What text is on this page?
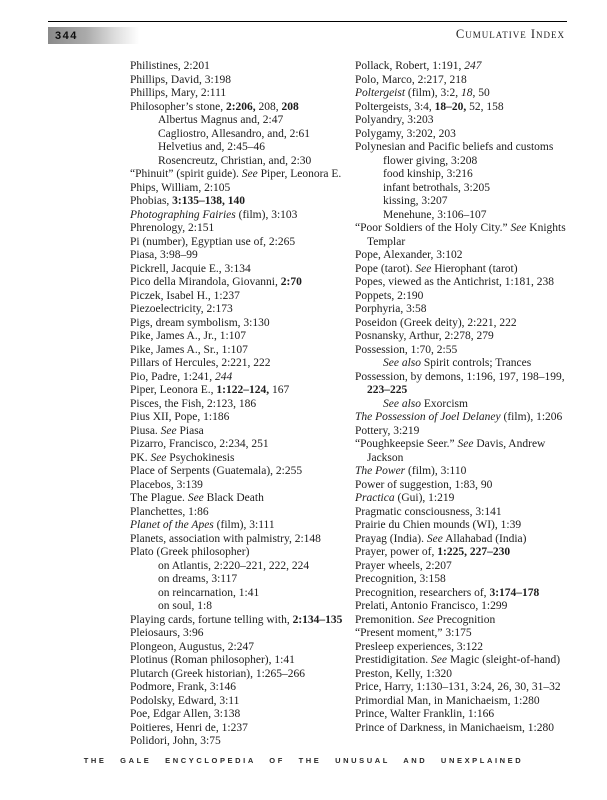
344	Cumulative Index
Philistines, 2:201
Phillips, David, 3:198
Phillips, Mary, 2:111
Philosopher’s stone, 2:206, 208, 208
Albertus Magnus and, 2:47
Cagliostro, Allesandro, and, 2:61
Helvetius and, 2:45–46
Rosencreutz, Christian, and, 2:30
“Phinuit” (spirit guide). See Piper, Leonora E.
Phips, William, 2:105
Phobias, 3:135–138, 140
Photographing Fairies (film), 3:103
Phrenology, 2:151
Pi (number), Egyptian use of, 2:265
Piasa, 3:98–99
Pickrell, Jacquie E., 3:134
Pico della Mirandola, Giovanni, 2:70
Piczek, Isabel H., 1:237
Piezoelectricity, 2:173
Pigs, dream symbolism, 3:130
Pike, James A., Jr., 1:107
Pike, James A., Sr., 1:107
Pillars of Hercules, 2:221, 222
Pio, Padre, 1:241, 244
Piper, Leonora E., 1:122–124, 167
Pisces, the Fish, 2:123, 186
Pius XII, Pope, 1:186
Piusa. See Piasa
Pizarro, Francisco, 2:234, 251
PK. See Psychokinesis
Place of Serpents (Guatemala), 2:255
Placebos, 3:139
The Plague. See Black Death
Planchettes, 1:86
Planet of the Apes (film), 3:111
Planets, association with palmistry, 2:148
Plato (Greek philosopher)
on Atlantis, 2:220–221, 222, 224
on dreams, 3:117
on reincarnation, 1:41
on soul, 1:8
Playing cards, fortune telling with, 2:134–135
Pleiosaurs, 3:96
Plongeon, Augustus, 2:247
Plotinus (Roman philosopher), 1:41
Plutarch (Greek historian), 1:265–266
Podmore, Frank, 3:146
Podolsky, Edward, 3:11
Poe, Edgar Allen, 3:138
Poitieres, Henri de, 1:237
Polidori, John, 3:75
Pollack, Robert, 1:191, 247
Polo, Marco, 2:217, 218
Poltergeist (film), 3:2, 18, 50
Poltergeists, 3:4, 18–20, 52, 158
Polyandry, 3:203
Polygamy, 3:202, 203
Polynesian and Pacific beliefs and customs
flower giving, 3:208
food kinship, 3:216
infant betrothals, 3:205
kissing, 3:207
Menehune, 3:106–107
“Poor Soldiers of the Holy City.” See Knights
Templar
Pope, Alexander, 3:102
Pope (tarot). See Hierophant (tarot)
Popes, viewed as the Antichrist, 1:181, 238
Poppets, 2:190
Porphyria, 3:58
Poseidon (Greek deity), 2:221, 222
Posnansky, Arthur, 2:278, 279
Possession, 1:70, 2:55
See also Spirit controls; Trances
Possession, by demons, 1:196, 197, 198–199,
223–225
See also Exorcism
The Possession of Joel Delaney (film), 1:206
Pottery, 3:219
“Poughkeepsie Seer.” See Davis, Andrew
Jackson
The Power (film), 3:110
Power of suggestion, 1:83, 90
Practica (Gui), 1:219
Pragmatic consciousness, 3:141
Prairie du Chien mounds (WI), 1:39
Prayag (India). See Allahabad (India)
Prayer, power of, 1:225, 227–230
Prayer wheels, 2:207
Precognition, 3:158
Precognition, researchers of, 3:174–178
Prelati, Antonio Francisco, 1:299
Premonition. See Precognition
“Present moment,” 3:175
Presleep experiences, 3:122
Prestidigitation. See Magic (sleight-of-hand)
Preston, Kelly, 1:320
Price, Harry, 1:130–131, 3:24, 26, 30, 31–32
Primordial Man, in Manichaeism, 1:280
Prince, Walter Franklin, 1:166
Prince of Darkness, in Manichaeism, 1:280
THE GALE ENCYCLOPEDIA OF THE UNUSUAL AND UNEXPLAINED
